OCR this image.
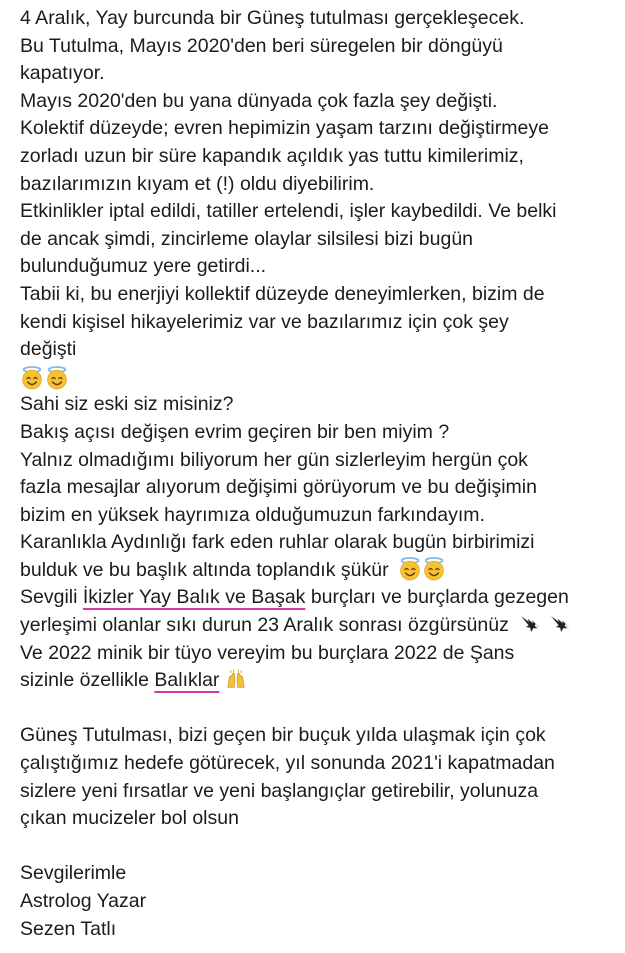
4 Aralık, Yay burcunda bir Güneş tutulması gerçekleşecek.
Bu Tutulma, Mayıs 2020'den beri süregelen bir döngüyü
kapatıyor.
Mayıs 2020'den bu yana dünyada çok fazla şey değişti.
Kolektif düzeyde; evren hepimizin yaşam tarzını değiştirmeye
zorladı uzun bir süre kapandık açıldık yas tuttu kimilerimiz,
bazılarımızın kıyam et (!) oldu diyebilirim.
Etkinlikler iptal edildi, tatiller ertelendi, işler kaybedildi. Ve belki
de ancak şimdi, zincirleme olaylar silsilesi bizi bugün
bulunduğumuz yere getirdi...
Tabii ki, bu enerjiyi kollektif düzeyde deneyimlerken, bizim de
kendi kişisel hikayelerimiz var ve bazılarımız için çok şey
değişti
Sahi siz eski siz misiniz?
Bakış açısı değişen evrim geçiren bir ben miyim ?
Yalnız olmadığımı biliyorum her gün sizlerleyim hergün çok
fazla mesajlar alıyorum değişimi görüyorum ve bu değişimin
bizim en yüksek hayrımıza olduğumuzun farkındayım.
Karanlıkla Aydınlığı fark eden ruhlar olarak bugün birbirimizi
bulduk ve bu başlık altında toplandık şükür
Sevgili İkizler Yay Balık ve Başak burçları ve burçlarda gezegen
yerleşimi olanlar sıkı durun 23 Aralık sonrası özgürsünüz
Ve 2022 minik bir tüyo vereyim bu burçlara 2022 de Şans
sizinle özellikle Balıklar
Güneş Tutulması, bizi geçen bir buçuk yılda ulaşmak için çok
çalıştığımız hedefe götürecek, yıl sonunda 2021'i kapatmadan
sizlere yeni fırsatlar ve yeni başlangıçlar getirebilir, yolunuza
çıkan mucizeler bol olsun
Sevgilerimle
Astrolog Yazar
Sezen Tatlı
